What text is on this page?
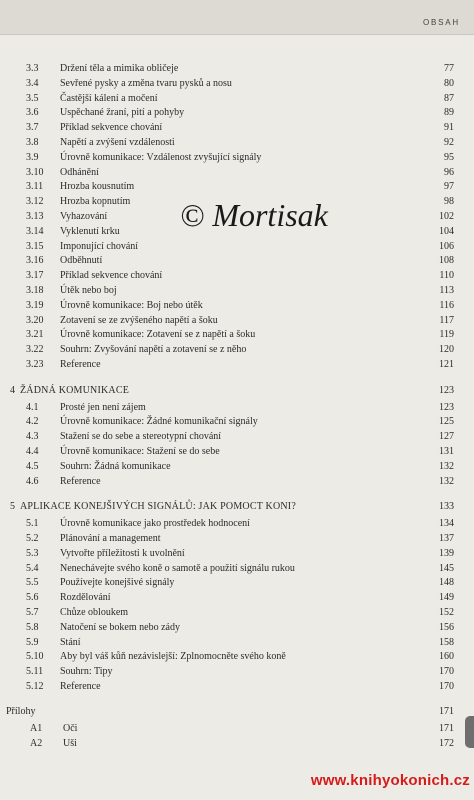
OBSAH
3.3 Držení těla a mimika obličeje	77
3.4 Sevřené pysky a změna tvaru pysků a nosu	80
3.5 Častější kálení a močení	87
3.6 Uspěchané žraní, pití a pohyby	89
3.7 Příklad sekvence chování	91
3.8 Napětí a zvýšení vzdálenosti	92
3.9 Úrovně komunikace: Vzdálenost zvyšující signály	95
3.10 Odhánění	96
3.11 Hrozba kousnutím	97
3.12 Hrozba kopnutím	98
3.13 Vyhazování	102
3.14 Vyklenutí krku	104
3.15 Imponující chování	106
3.16 Odběhnutí	108
3.17 Příklad sekvence chování	110
3.18 Útěk nebo boj	113
3.19 Úrovně komunikace: Boj nebo útěk	116
3.20 Zotavení se ze zvýšeného napětí a šoku	117
3.21 Úrovně komunikace: Zotavení se z napětí a šoku	119
3.22 Souhrn: Zvyšování napětí a zotavení se z něho	120
3.23 Reference	121
4 ŽÁDNÁ KOMUNIKACE	123
4.1 Prosté jen není zájem	123
4.2 Úrovně komunikace: Žádné komunikační signály	125
4.3 Stažení se do sebe a stereotypní chování	127
4.4 Úrovně komunikace: Stažení se do sebe	131
4.5 Souhrn: Žádná komunikace	132
4.6 Reference	132
5 APLIKACE KONEJŠIVÝCH SIGNÁLŮ: JAK POMOCT KONI?	133
5.1 Úrovně komunikace jako prostředek hodnocení	134
5.2 Plánování a management	137
5.3 Vytvořte příležitosti k uvolnění	139
5.4 Nenechávejte svého koně o samotě a použití signálu rukou	145
5.5 Používejte konejšivé signály	148
5.6 Rozdělování	149
5.7 Chůze obloukem	152
5.8 Natočení se bokem nebo zády	156
5.9 Stání	158
5.10 Aby byl váš kůň nezávislejší: Zplnomocněte svého koně	160
5.11 Souhrn: Tipy	170
5.12 Reference	170
Přílohy	171
A1 Oči	171
A2 Uši	172
© Mortisak
www.knihyokonich.cz
